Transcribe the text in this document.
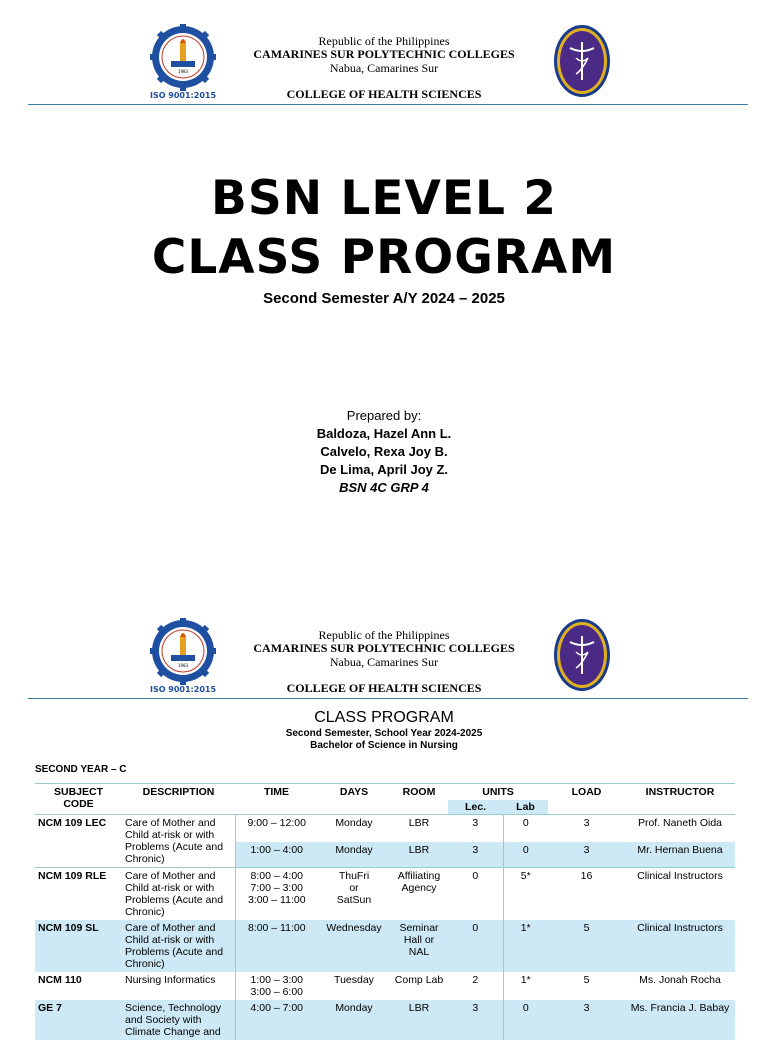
1983
ISO 9001:2015
Republic of the Philippines
CAMARINES SUR POLYTECHNIC COLLEGES
Nabua, Camarines Sur
COLLEGE OF HEALTH SCIENCES
BSN LEVEL 2
CLASS PROGRAM
Second Semester A/Y 2024 – 2025
Prepared by:
Baldoza, Hazel Ann L.
Calvelo, Rexa Joy B.
De Lima, April Joy Z.
BSN 4C GRP 4
1983
ISO 9001:2015
Republic of the Philippines
CAMARINES SUR POLYTECHNIC COLLEGES
Nabua, Camarines Sur
COLLEGE OF HEALTH SCIENCES
CLASS PROGRAM
Second Semester, School Year 2024-2025
Bachelor of Science in Nursing
SECOND YEAR – C
SUBJECT CODE	DESCRIPTION	TIME	DAYS	ROOM	UNITS		LOAD	INSTRUCTOR
					Lec.	Lab		
NCM 109 LEC	Care of Mother and Child at-risk or with Problems (Acute and Chronic)	9:00 – 12:00	Monday	LBR	3	0	3	Prof. Naneth Oida
		1:00 – 4:00	Monday	LBR	3	0	3	Mr. Hernan Buena
NCM 109 RLE	Care of Mother and Child at-risk or with Problems (Acute and Chronic)	8:00 – 4:00
7:00 – 3:00
3:00 – 11:00	ThuFri
or
SatSun	Affiliating Agency	0	5*	16	Clinical Instructors
NCM 109 SL	Care of Mother and Child at-risk or with Problems (Acute and Chronic)	8:00 – 11:00	Wednesday	Seminar Hall or NAL	0	1*	5	Clinical Instructors
NCM 110	Nursing Informatics	1:00 – 3:00
3:00 – 6:00	Tuesday	Comp Lab	2	1*	5	Ms. Jonah Rocha
GE 7	Science, Technology and Society with Climate Change and	4:00 – 7:00	Monday	LBR	3	0	3	Ms. Francia J. Babay
